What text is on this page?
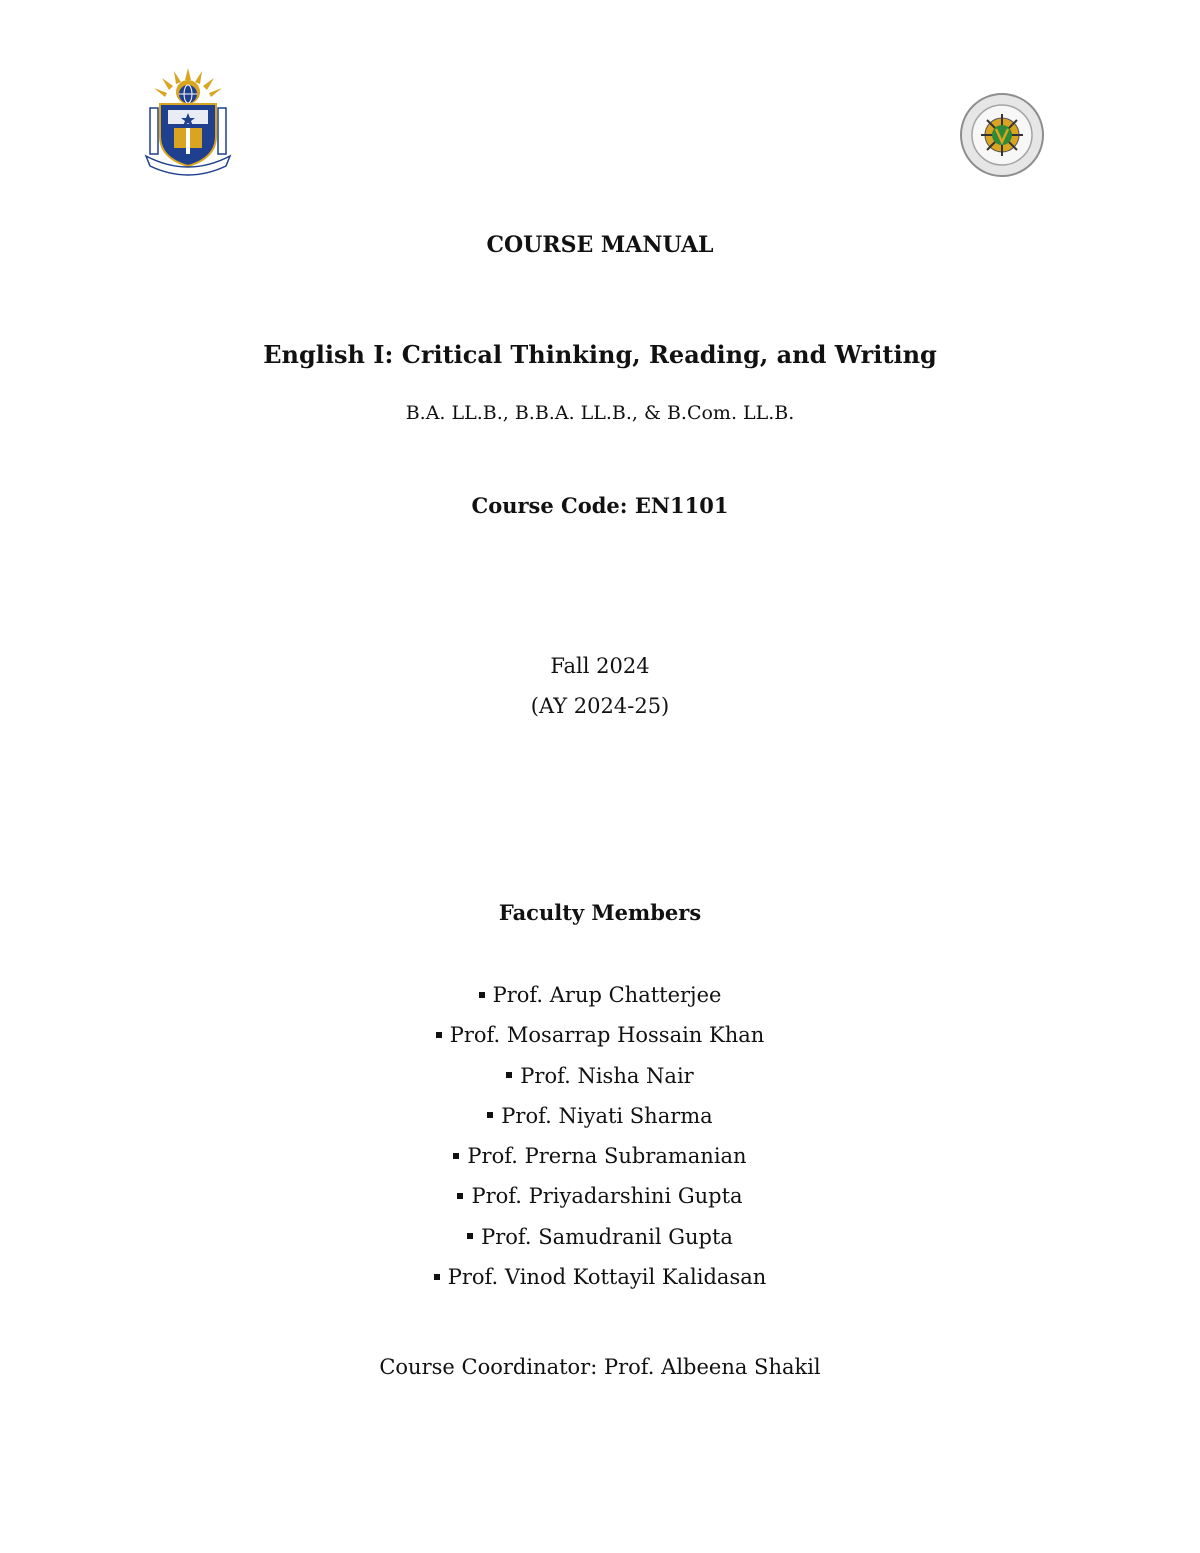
COURSE MANUAL
English I: Critical Thinking, Reading, and Writing
B.A. LL.B., B.B.A. LL.B., & B.Com. LL.B.
Course Code: EN1101
Fall 2024
(AY 2024-25)
Faculty Members
Prof. Arup Chatterjee
Prof. Mosarrap Hossain Khan
Prof. Nisha Nair
Prof. Niyati Sharma
Prof. Prerna Subramanian
Prof. Priyadarshini Gupta
Prof. Samudranil Gupta
Prof. Vinod Kottayil Kalidasan
Course Coordinator: Prof. Albeena Shakil
